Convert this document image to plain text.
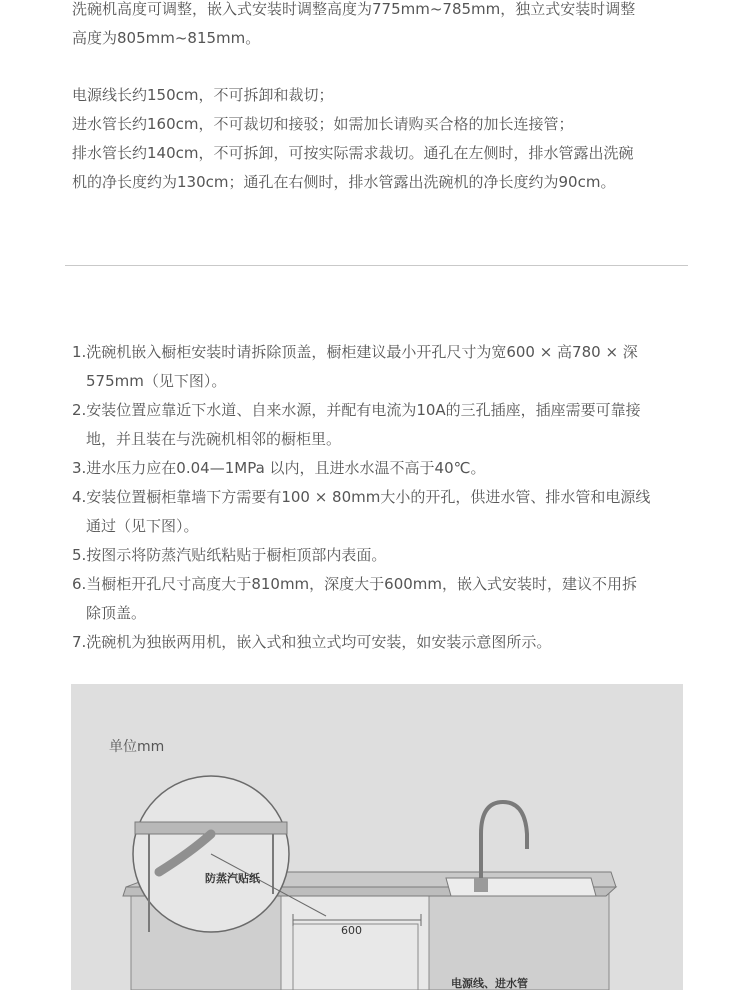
洗碗机高度可调整，嵌入式安装时调整高度为775mm~785mm，独立式安装时调整

高度为805mm~815mm。

电源线长约150cm，不可拆卸和裁切；

进水管长约160cm，不可裁切和接驳；如需加长请购买合格的加长连接管；

排水管长约140cm，不可拆卸，可按实际需求裁切。通孔在左侧时，排水管露出洗碗

机的净长度约为130cm；通孔在右侧时，排水管露出洗碗机的净长度约为90cm。

1.洗碗机嵌入橱柜安装时请拆除顶盖，橱柜建议最小开孔尺寸为宽600 × 高780 × 深
575mm（见下图）。
2.安装位置应靠近下水道、自来水源，并配有电流为10A的三孔插座，插座需要可靠接
地，并且装在与洗碗机相邻的橱柜里。
3.进水压力应在0.04—1MPa 以内，且进水水温不高于40℃。
4.安装位置橱柜靠墙下方需要有100 × 80mm大小的开孔，供进水管、排水管和电源线
通过（见下图）。
5.按图示将防蒸汽贴纸粘贴于橱柜顶部内表面。
6.当橱柜开孔尺寸高度大于810mm，深度大于600mm，嵌入式安装时，建议不用拆
除顶盖。
7.洗碗机为独嵌两用机，嵌入式和独立式均可安装，如安装示意图所示。
单位mm
防蒸汽贴纸
600
电源线、进水管
